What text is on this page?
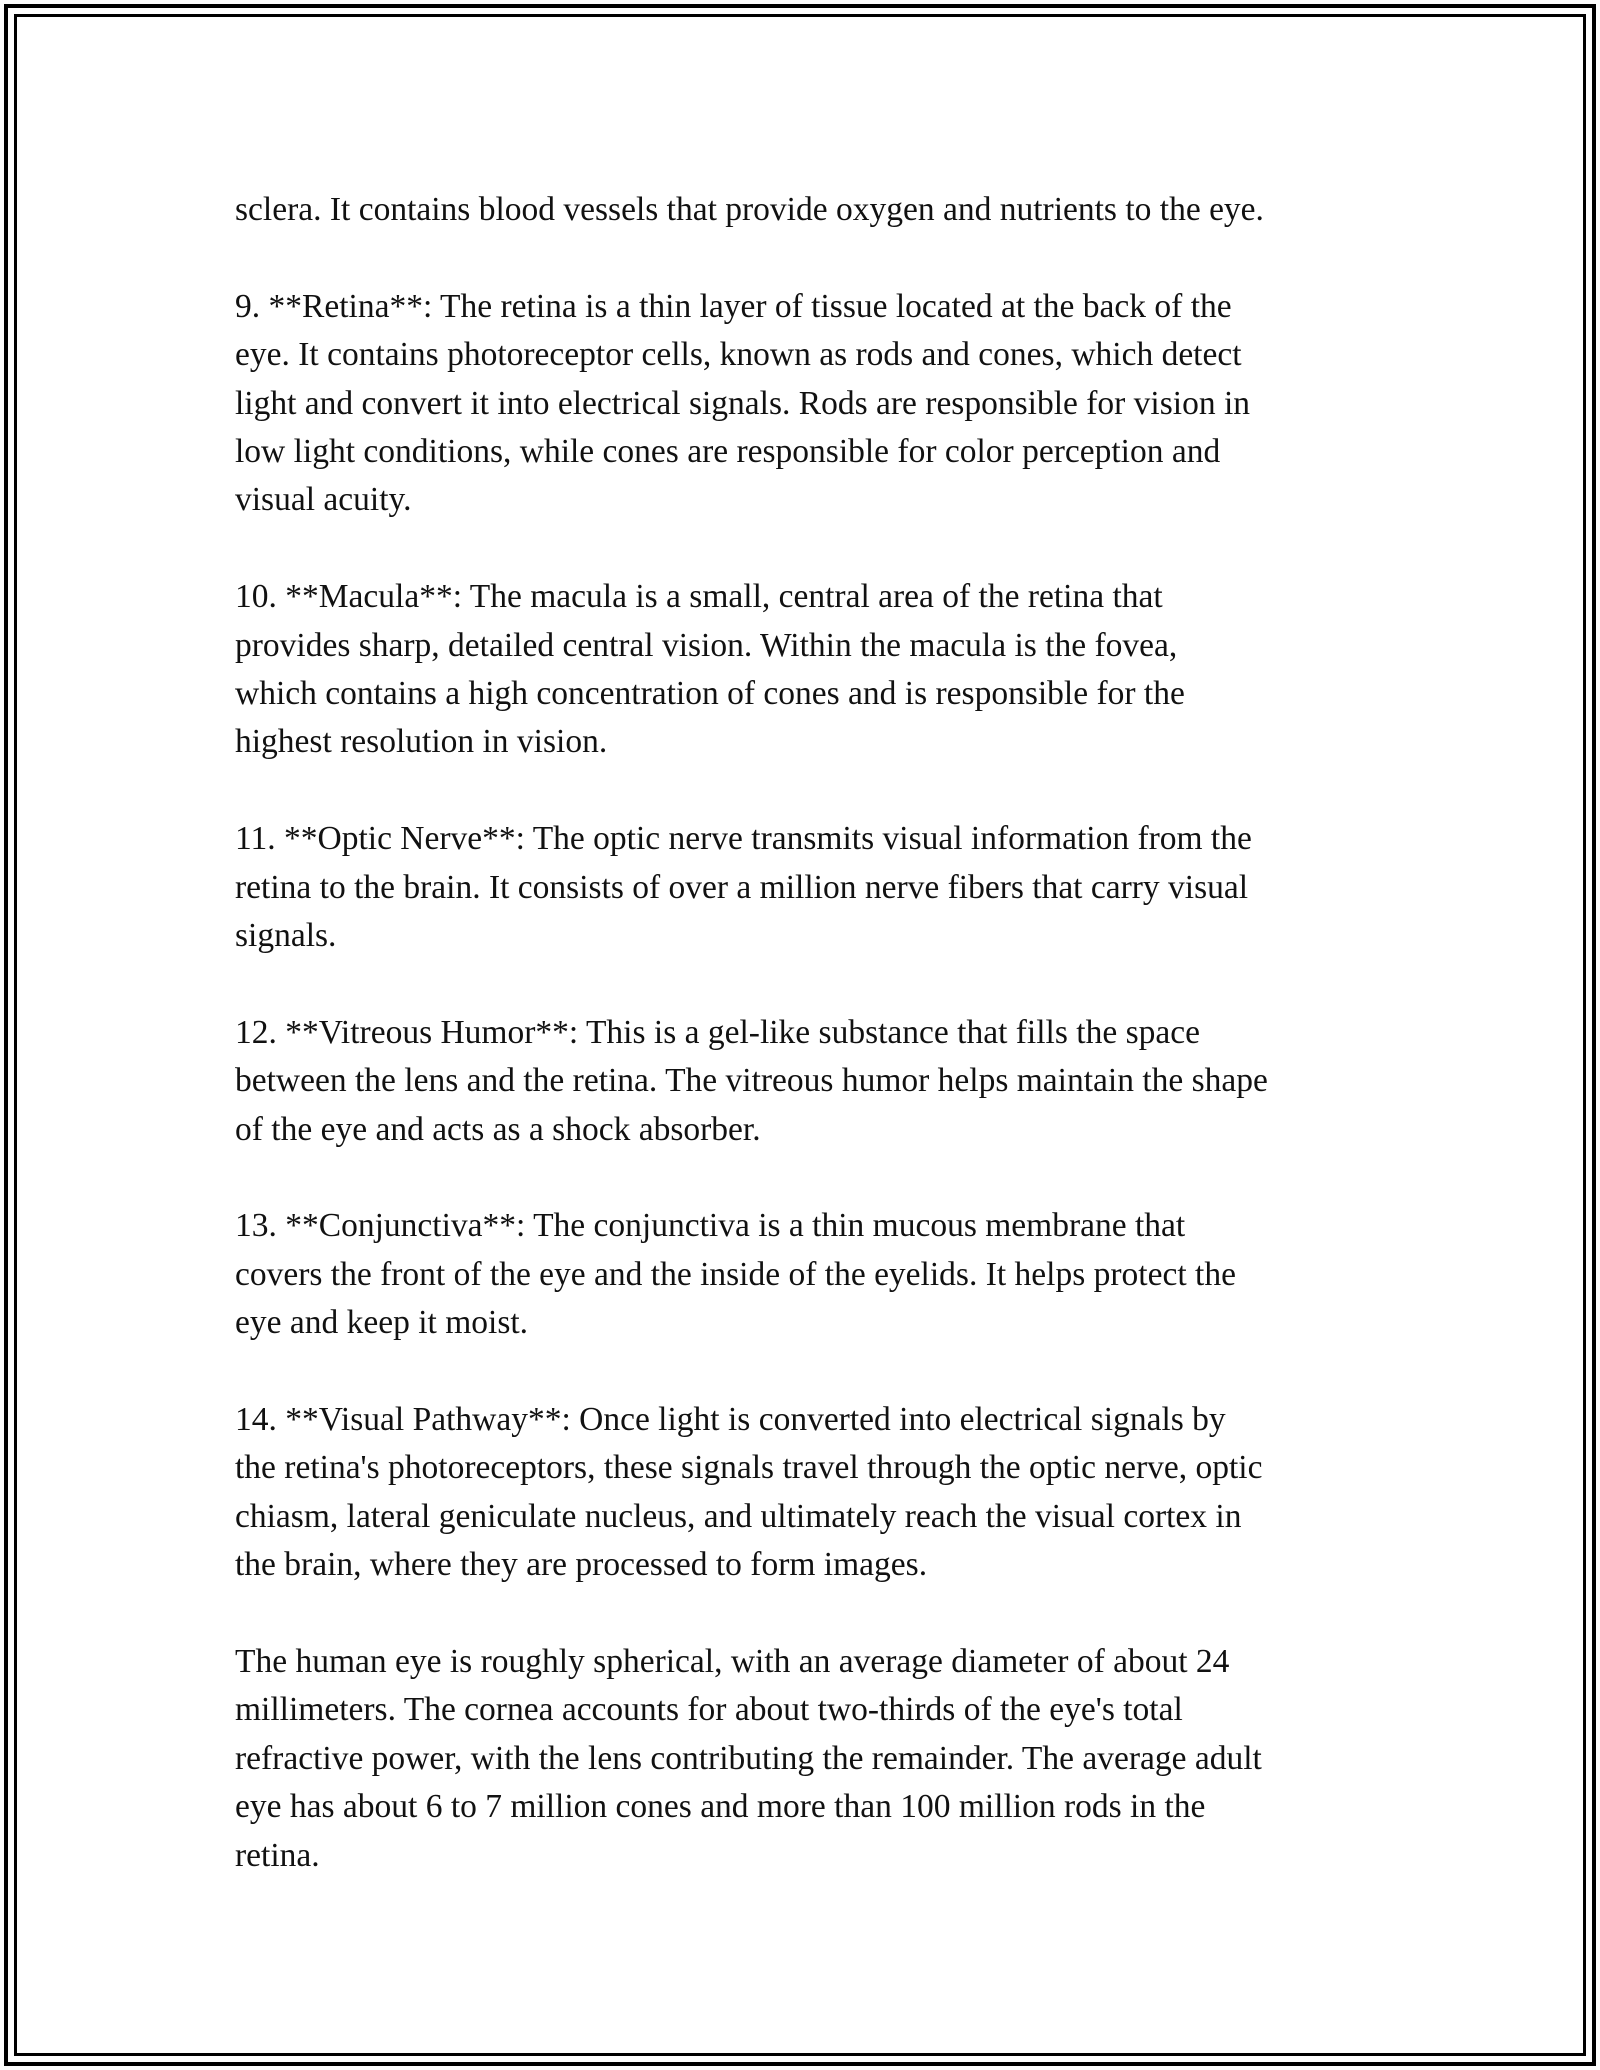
sclera. It contains blood vessels that provide oxygen and nutrients to the eye.

9. **Retina**: The retina is a thin layer of tissue located at the back of the
eye. It contains photoreceptor cells, known as rods and cones, which detect
light and convert it into electrical signals. Rods are responsible for vision in
low light conditions, while cones are responsible for color perception and
visual acuity.

10. **Macula**: The macula is a small, central area of the retina that
provides sharp, detailed central vision. Within the macula is the fovea,
which contains a high concentration of cones and is responsible for the
highest resolution in vision.

11. **Optic Nerve**: The optic nerve transmits visual information from the
retina to the brain. It consists of over a million nerve fibers that carry visual
signals.

12. **Vitreous Humor**: This is a gel-like substance that fills the space
between the lens and the retina. The vitreous humor helps maintain the shape
of the eye and acts as a shock absorber.

13. **Conjunctiva**: The conjunctiva is a thin mucous membrane that
covers the front of the eye and the inside of the eyelids. It helps protect the
eye and keep it moist.

14. **Visual Pathway**: Once light is converted into electrical signals by
the retina's photoreceptors, these signals travel through the optic nerve, optic
chiasm, lateral geniculate nucleus, and ultimately reach the visual cortex in
the brain, where they are processed to form images.

The human eye is roughly spherical, with an average diameter of about 24
millimeters. The cornea accounts for about two-thirds of the eye's total
refractive power, with the lens contributing the remainder. The average adult
eye has about 6 to 7 million cones and more than 100 million rods in the
retina.
